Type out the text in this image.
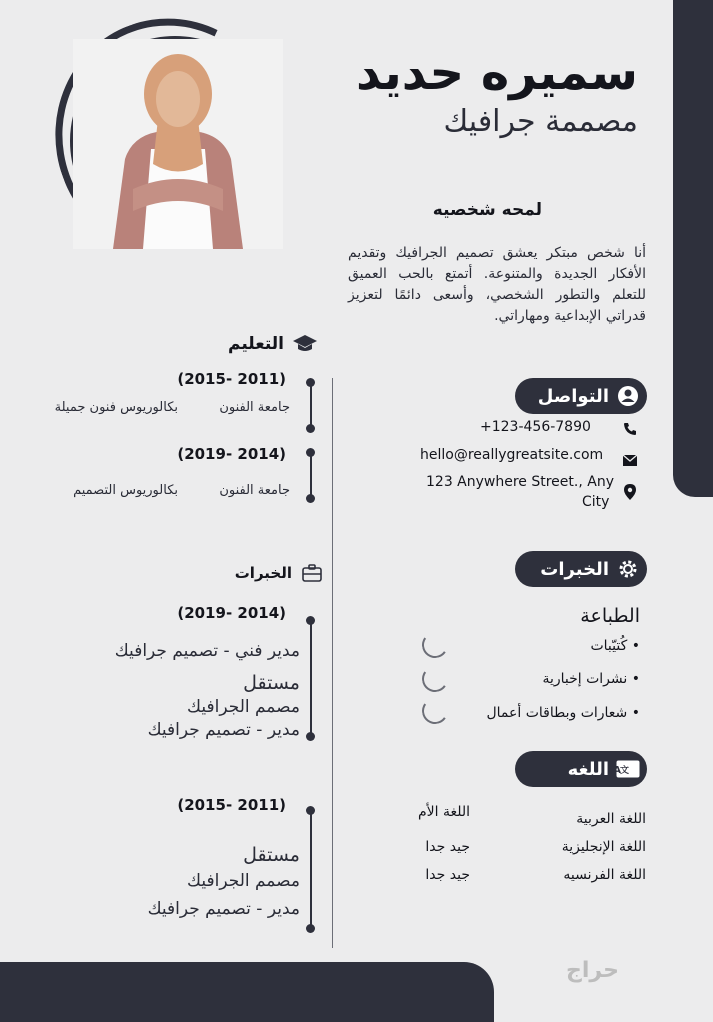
حراج
سميره حديد
مصممة جرافيك
لمحه شخصيه
أنا شخص مبتكر يعشق تصميم الجرافيك وتقديم الأفكار الجديدة والمتنوعة. أتمتع بالحب العميق للتعلم والتطور الشخصي، وأسعى دائمًا لتعزيز قدراتي الإبداعية ومهاراتي.
التعليم
(2011 -2015)
جامعة الفنون
بكالوريوس فنون جميلة
(2014 -2019)
جامعة الفنون
بكالوريوس التصميم
الخبرات
(2014 -2019)
مدير فني - تصميم جرافيك
مستقل
مصمم الجرافيك
مدير - تصميم جرافيك
(2011 -2015)
مستقل
مصمم الجرافيك
مدير - تصميم جرافيك
التواصل
+123-456-7890
hello@reallygreatsite.com
123 Anywhere Street., Any
City
الخبرات
الطباعة
• كُتيّبات
• نشرات إخبارية
• شعارات وبطاقات أعمال
A
文
اللغه
اللغة العربية
اللغة الأم
اللغة الإنجليزية
جيد جدا
اللغة الفرنسيه
جيد جدا
